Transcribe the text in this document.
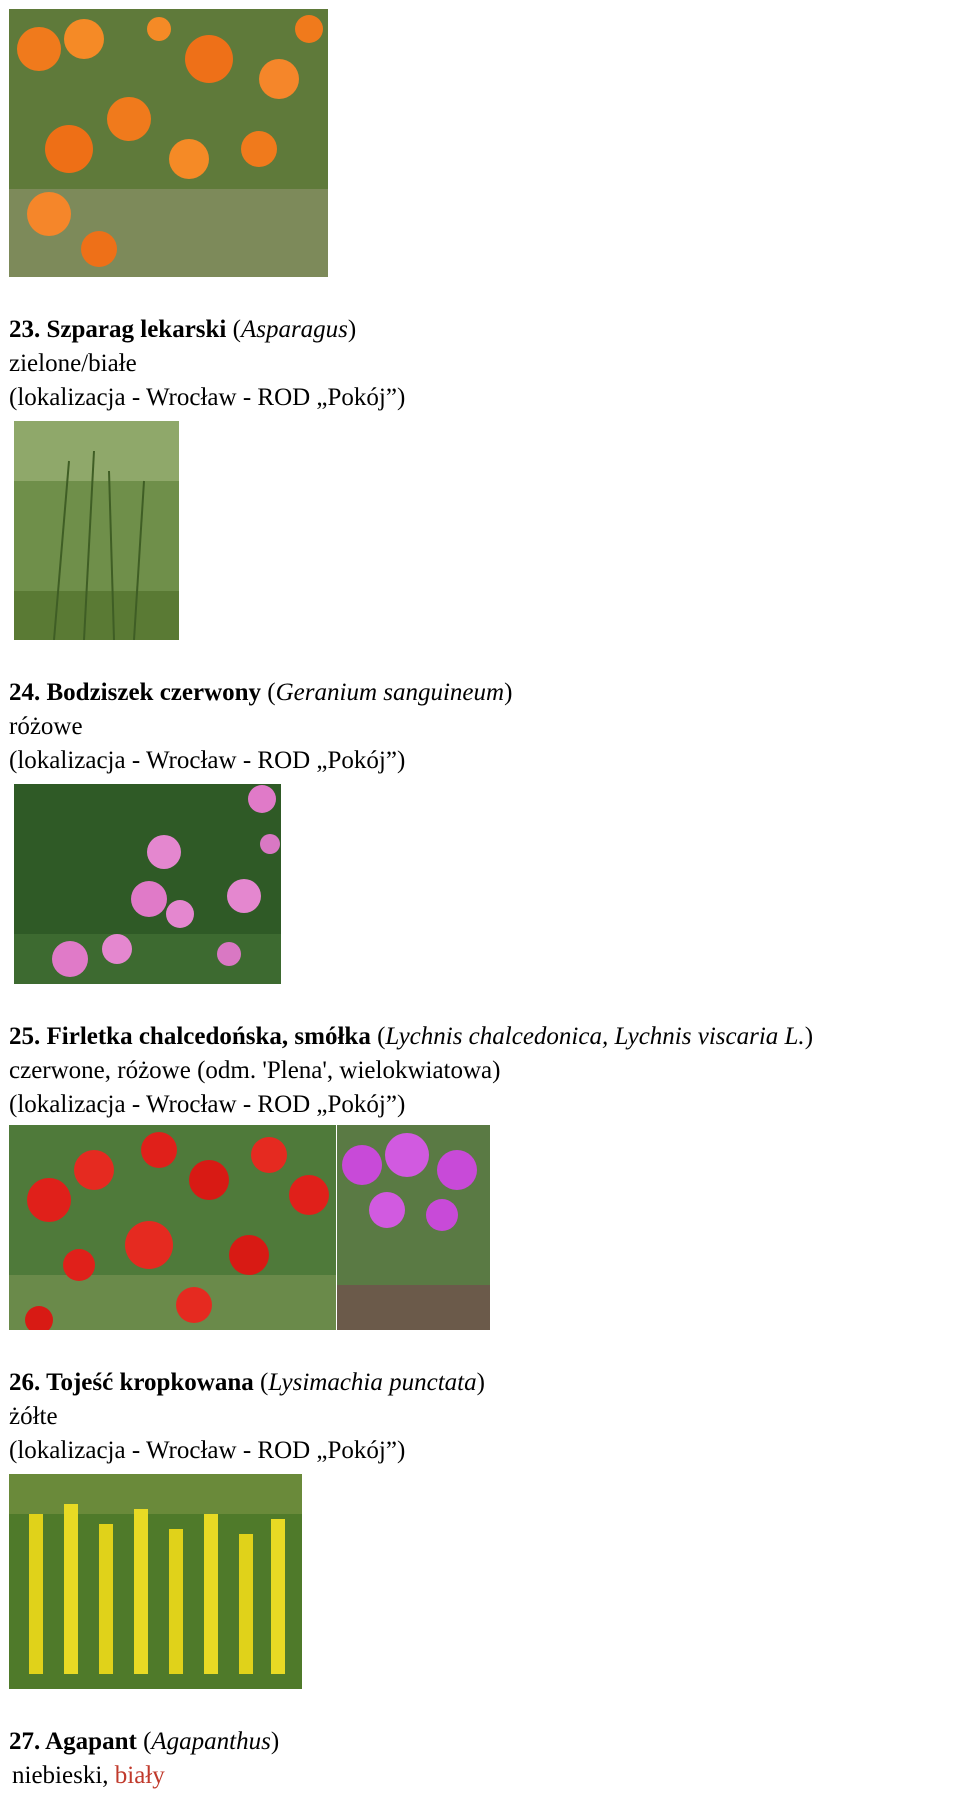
23. Szparag lekarski (Asparagus)
zielone/białe
(lokalizacja - Wrocław - ROD „Pokój”)
24. Bodziszek czerwony (Geranium sanguineum)
różowe
(lokalizacja - Wrocław - ROD „Pokój”)
25. Firletka chalcedońska, smółka (Lychnis chalcedonica, Lychnis viscaria L.)
czerwone, różowe (odm. 'Plena', wielokwiatowa)
(lokalizacja - Wrocław - ROD „Pokój”)
26. Tojeść kropkowana (Lysimachia punctata)
żółte
(lokalizacja - Wrocław - ROD „Pokój”)
27. Agapant (Agapanthus)
niebieski, biały
